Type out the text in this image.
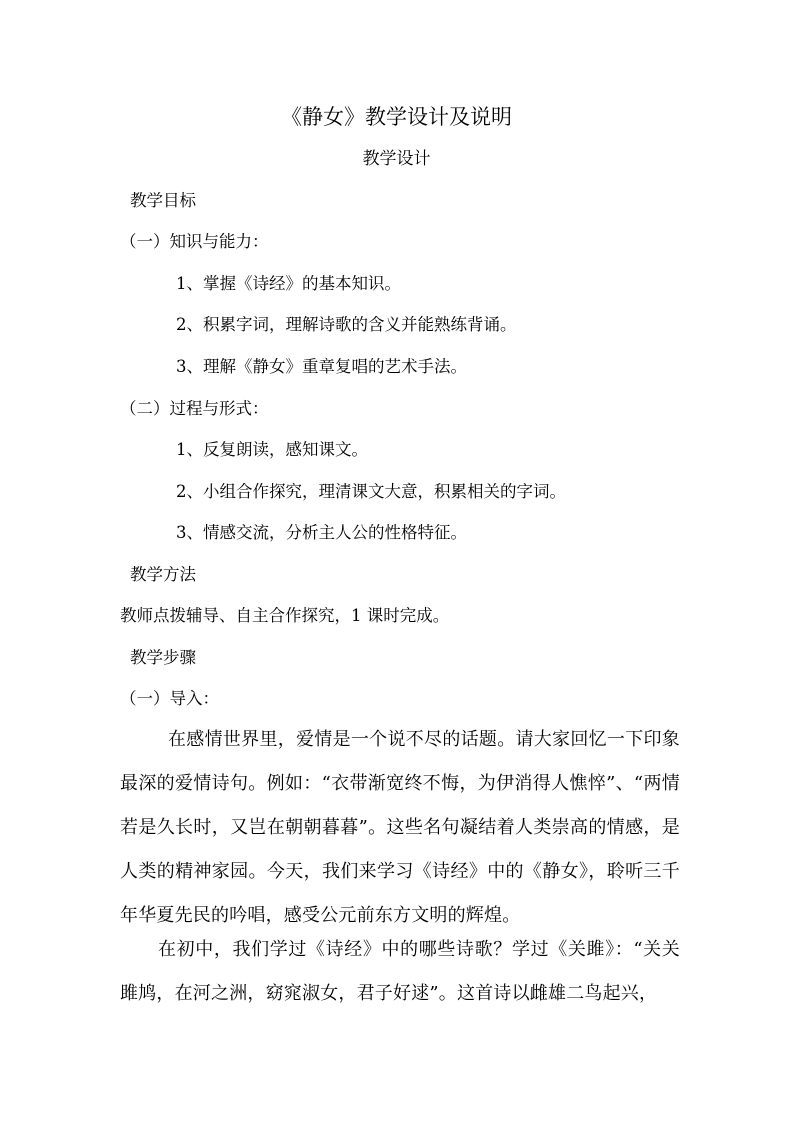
《静女》教学设计及说明
教学设计
教学目标
（一）知识与能力：
1、掌握《诗经》的基本知识。
2、积累字词，理解诗歌的含义并能熟练背诵。
3、理解《静女》重章复唱的艺术手法。
（二）过程与形式：
1、反复朗读，感知课文。
2、小组合作探究，理清课文大意，积累相关的字词。
3、情感交流，分析主人公的性格特征。
教学方法
教师点拨辅导、自主合作探究，1 课时完成。
教学步骤
（一）导入：
在感情世界里，爱情是一个说不尽的话题。请大家回忆一下印象最深的爱情诗句。例如：“衣带渐宽终不悔，为伊消得人憔悴”、“两情若是久长时，又岂在朝朝暮暮”。这些名句凝结着人类崇高的情感，是人类的精神家园。今天，我们来学习《诗经》中的《静女》，聆听三千年华夏先民的吟唱，感受公元前东方文明的辉煌。
在初中，我们学过《诗经》中的哪些诗歌？学过《关雎》：“关关雎鸠，在河之洲，窈窕淑女，君子好逑”。这首诗以雌雄二鸟起兴，
